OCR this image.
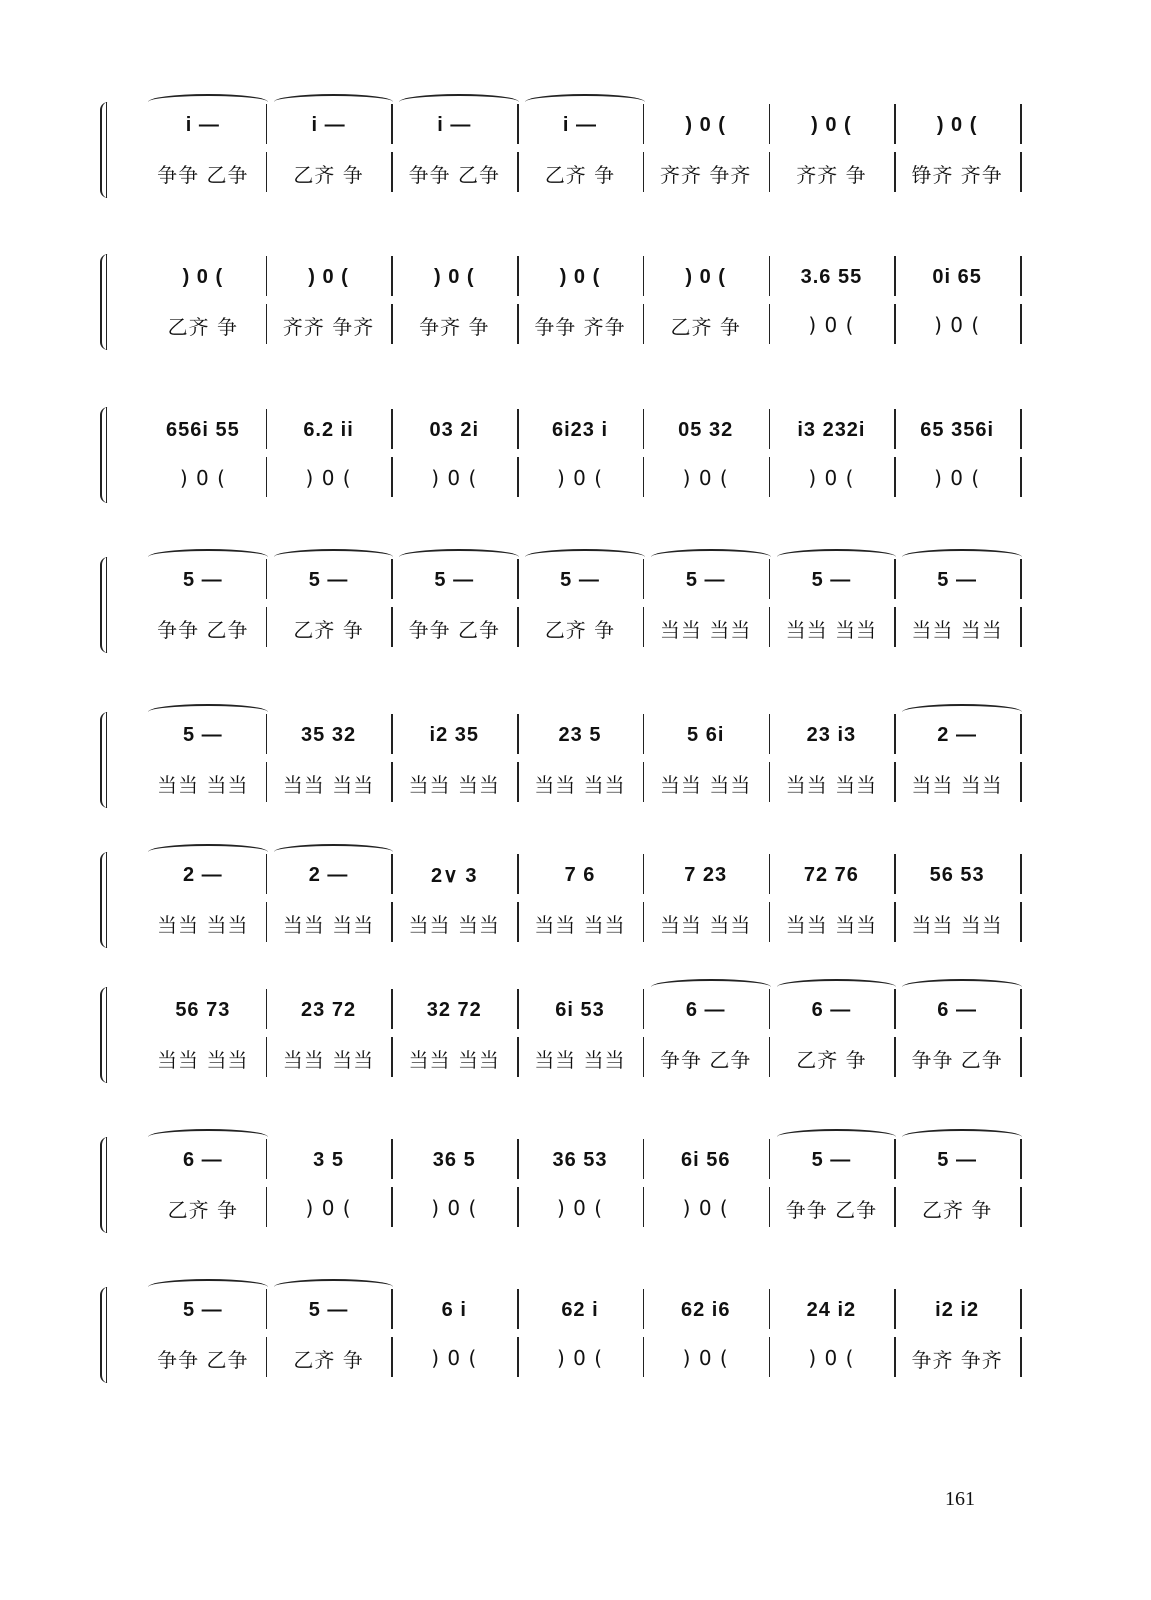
i —	i —	i —	i —	) 0 (	) 0 (	) 0 (
争争 乙争	乙齐 争	争争 乙争	乙齐 争	齐齐 争齐	齐齐 争	铮齐 齐争
) 0 (	) 0 (	) 0 (	) 0 (	) 0 (	3.6 55	0i 65
乙齐 争	齐齐 争齐	争齐 争	争争 齐争	乙齐 争	) 0 (	) 0 (
656i 55	6.2 ii	03 2i	6i23 i	05 32	i3 232i	65 356i
) 0 (	) 0 (	) 0 (	) 0 (	) 0 (	) 0 (	) 0 (
5 —	5 —	5 —	5 —	5 —	5 —	5 —
争争 乙争	乙齐 争	争争 乙争	乙齐 争	当当 当当	当当 当当	当当 当当
5 —	35 32	i2 35	23 5	5 6i	23 i3	2 —
当当 当当	当当 当当	当当 当当	当当 当当	当当 当当	当当 当当	当当 当当
2 —	2 —	2∨ 3	7 6	7 23	72 76	56 53
当当 当当	当当 当当	当当 当当	当当 当当	当当 当当	当当 当当	当当 当当
56 73	23 72	32 72	6i 53	6 —	6 —	6 —
当当 当当	当当 当当	当当 当当	当当 当当	争争 乙争	乙齐 争	争争 乙争
6 —	3 5	36 5	36 53	6i 56	5 —	5 —
乙齐 争	) 0 (	) 0 (	) 0 (	) 0 (	争争 乙争	乙齐 争
5 —	5 —	6 i	62 i	62 i6	24 i2	i2 i2
争争 乙争	乙齐 争	) 0 (	) 0 (	) 0 (	) 0 (	争齐 争齐
161
